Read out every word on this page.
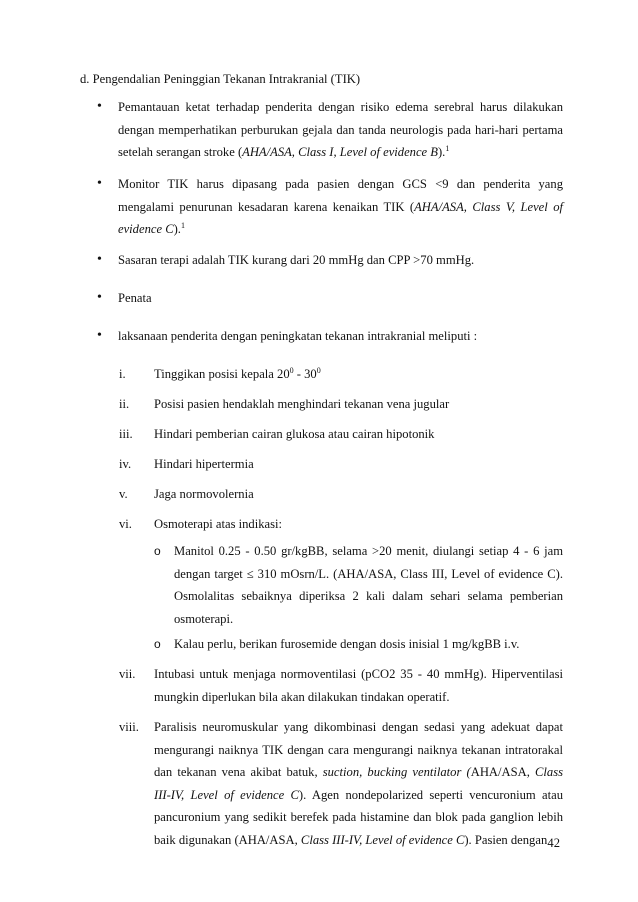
d. Pengendalian Peninggian Tekanan Intrakranial (TIK)
• Pemantauan ketat terhadap penderita dengan risiko edema serebral harus dilakukan dengan memperhatikan perburukan gejala dan tanda neurologis pada hari-hari pertama setelah serangan stroke (AHA/ASA, Class I, Level of evidence B).$^1$
• Monitor TIK harus dipasang pada pasien dengan GCS <9 dan penderita yang mengalami penurunan kesadaran karena kenaikan TIK (AHA/ASA, Class V, Level of evidence C).$^1$
• Sasaran terapi adalah TIK kurang dari 20 mmHg dan CPP >70 mmHg.
• Penata
• laksanaan penderita dengan peningkatan tekanan intrakranial meliputi :
i. Tinggikan posisi kepala $20^0 - 30^0$
ii. Posisi pasien hendaklah menghindari tekanan vena jugular
iii. Hindari pemberian cairan glukosa atau cairan hipotonik
iv. Hindari hipertermia
v. Jaga normovolernia
vi. Osmoterapi atas indikasi:
o Manitol 0.25 - 0.50 gr/kgBB, selama >20 menit, diulangi setiap 4 - 6 jam dengan target ≤ 310 mOsrn/L. (AHA/ASA, Class III, Level of evidence C). Osmolalitas sebaiknya diperiksa 2 kali dalam sehari selama pemberian osmoterapi.
o Kalau perlu, berikan furosemide dengan dosis inisial 1 mg/kgBB i.v.
vii. Intubasi untuk menjaga normoventilasi (pCO2 35 - 40 mmHg). Hiperventilasi mungkin diperlukan bila akan dilakukan tindakan operatif.
viii. Paralisis neuromuskular yang dikombinasi dengan sedasi yang adekuat dapat mengurangi naiknya TIK dengan cara mengurangi naiknya tekanan intratorakal dan tekanan vena akibat batuk, suction, bucking ventilator (AHA/ASA, Class III-IV, Level of evidence C). Agen nondepolarized seperti vencuronium atau pancuronium yang sedikit berefek pada histamine dan blok pada ganglion lebih baik digunakan (AHA/ASA, Class III-IV, Level of evidence C). Pasien dengan 42
